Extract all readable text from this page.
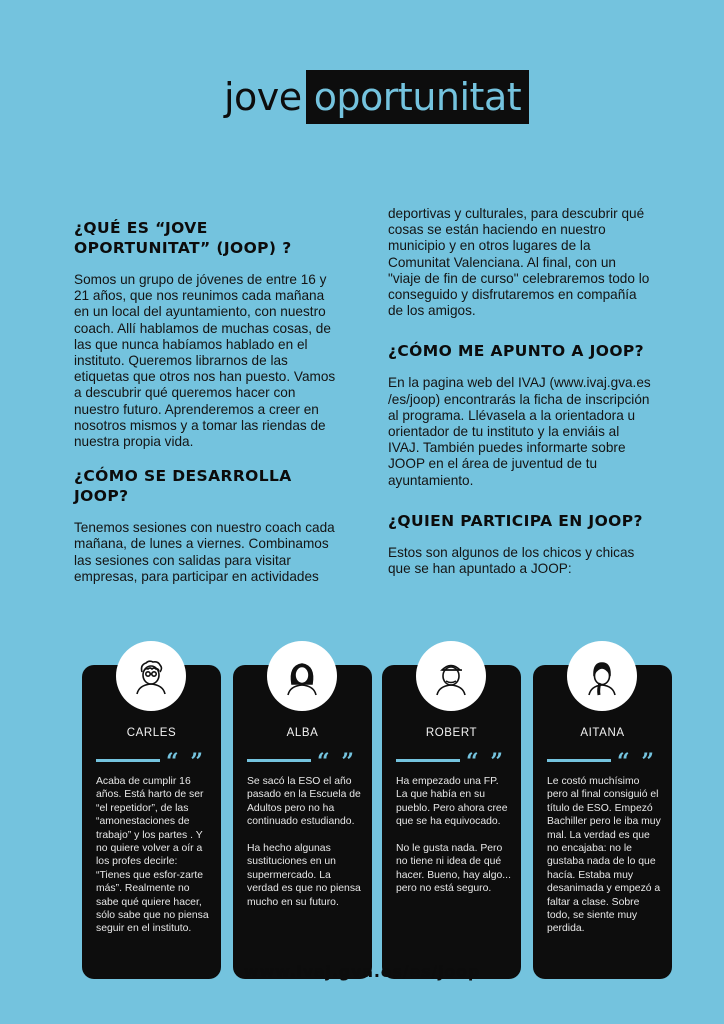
jove oportunitat
¿QUÉ ES “JOVE OPORTUNITAT” (JOOP) ?

Somos un grupo de jóvenes de entre 16 y 21 años, que nos reunimos cada mañana en un local del ayuntamiento, con nuestro coach. Allí hablamos de muchas cosas, de las que nunca habíamos hablado en el instituto. Queremos librarnos de las etiquetas que otros nos han puesto. Vamos a descubrir qué queremos hacer con nuestro futuro. Aprenderemos a creer en nosotros mismos y a tomar las riendas de nuestra propia vida.

¿CÓMO SE DESARROLLA JOOP?

Tenemos sesiones con nuestro coach cada mañana, de lunes a viernes. Combinamos las sesiones con salidas para visitar empresas, para participar en actividades

deportivas y culturales, para descubrir qué cosas se están haciendo en nuestro municipio y en otros lugares de la Comunitat Valenciana. Al final, con un "viaje de fin de curso" celebraremos todo lo conseguido y disfrutaremos en compañía de los amigos.

¿CÓMO ME APUNTO A JOOP?

En la pagina web del IVAJ (www.ivaj.gva.es /es/joop) encontrarás la ficha de inscripción al programa. Llévasela a la orientadora u orientador de tu instituto y la enviáis al IVAJ. También puedes informarte sobre JOOP en el área de juventud de tu ayuntamiento.

¿QUIEN PARTICIPA EN JOOP?

Estos son algunos de los chicos y chicas que se han apuntado a JOOP:

CARLES
“ ”
Acaba de cumplir 16 años. Está harto de ser “el repetidor”, de las “amonestaciones de trabajo” y los partes . Y no quiere volver a oír a los profes decirle: “Tienes que esfor-zarte más”. Realmente no sabe qué quiere hacer, sólo sabe que no piensa seguir en el instituto.
ALBA
“ ”
Se sacó la ESO el año pasado en la Escuela de Adultos pero no ha continuado estudiando.

Ha hecho algunas sustituciones en un supermercado. La verdad es que no piensa mucho en su futuro.
ROBERT
“ ”
Ha empezado una FP. La que había en su pueblo. Pero ahora cree que se ha equivocado.

No le gusta nada. Pero no tiene ni idea de qué hacer. Bueno, hay algo... pero no está seguro.
AITANA
“ ”
Le costó muchísimo pero al final consiguió el título de ESO. Empezó Bachiller pero le iba muy mal. La verdad es que no encajaba: no le gustaba nada de lo que hacía. Estaba muy desanimada y empezó a faltar a clase. Sobre todo, se siente muy perdida.
www.ivaj.gva.es/es/joop
